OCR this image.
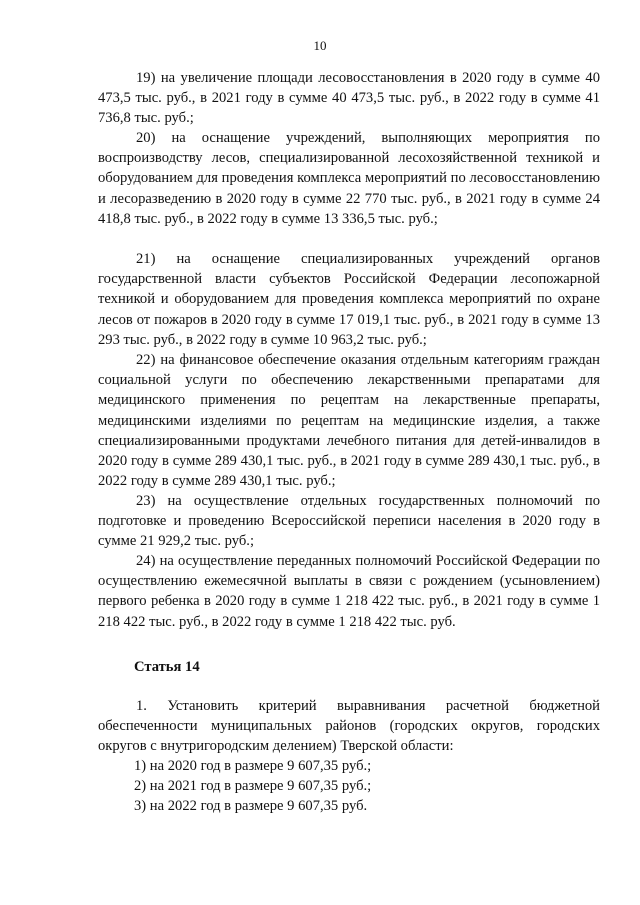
10

19) на увеличение площади лесовосстановления в 2020 году в сумме 40 473,5 тыс. руб., в 2021 году в сумме 40 473,5 тыс. руб., в 2022 году в сумме 41 736,8 тыс. руб.;

20) на оснащение учреждений, выполняющих мероприятия по воспроизводству лесов, специализированной лесохозяйственной техникой и оборудованием для проведения комплекса мероприятий по лесовосстановлению и лесоразведению в 2020 году в сумме 22 770 тыс. руб., в 2021 году в сумме 24 418,8 тыс. руб., в 2022 году в сумме 13 336,5 тыс. руб.;

21) на оснащение специализированных учреждений органов государственной власти субъектов Российской Федерации лесопожарной техникой и оборудованием для проведения комплекса мероприятий по охране лесов от пожаров в 2020 году в сумме 17 019,1 тыс. руб., в 2021 году в сумме 13 293 тыс. руб., в 2022 году в сумме 10 963,2 тыс. руб.;

22) на финансовое обеспечение оказания отдельным категориям граждан социальной услуги по обеспечению лекарственными препаратами для медицинского применения по рецептам на лекарственные препараты, медицинскими изделиями по рецептам на медицинские изделия, а также специализированными продуктами лечебного питания для детей-инвалидов в 2020 году в сумме 289 430,1 тыс. руб., в 2021 году в сумме 289 430,1 тыс. руб., в 2022 году в сумме 289 430,1 тыс. руб.;

23) на осуществление отдельных государственных полномочий по подготовке и проведению Всероссийской переписи населения в 2020 году в сумме 21 929,2 тыс. руб.;

24) на осуществление переданных полномочий Российской Федерации по осуществлению ежемесячной выплаты в связи с рождением (усыновлением) первого ребенка в 2020 году в сумме 1 218 422 тыс. руб., в 2021 году в сумме 1 218 422 тыс. руб., в 2022 году в сумме 1 218 422 тыс. руб.

Статья 14

1. Установить критерий выравнивания расчетной бюджетной обеспеченности муниципальных районов (городских округов, городских округов с внутригородским делением) Тверской области:

1) на 2020 год в размере 9 607,35 руб.;

2) на 2021 год в размере 9 607,35 руб.;

3) на 2022 год в размере 9 607,35 руб.
